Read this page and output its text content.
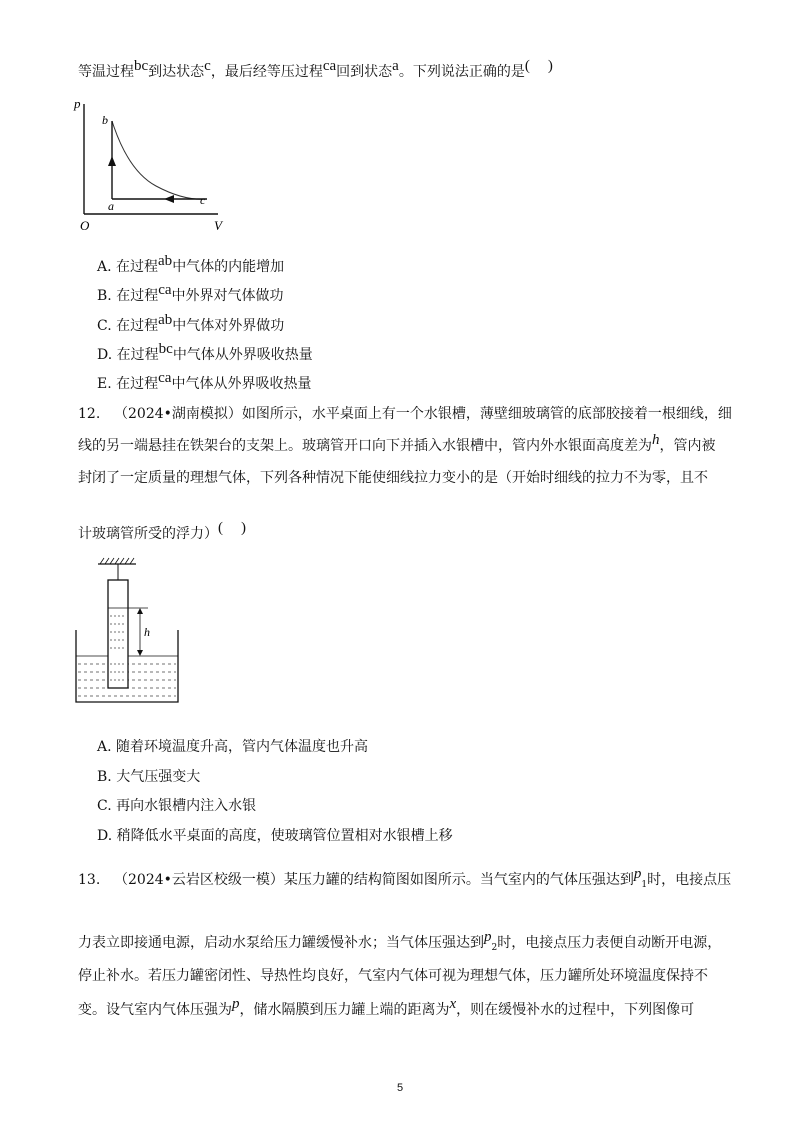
等温过程bc到达状态c，最后经等压过程ca回到状态a。下列说法正确的是( )
p
b
a	c
O	V
A. 在过程ab中气体的内能增加
B. 在过程ca中外界对气体做功
C. 在过程ab中气体对外界做功
D. 在过程bc中气体从外界吸收热量
E. 在过程ca中气体从外界吸收热量
12. （2024•湖南模拟）如图所示，水平桌面上有一个水银槽，薄壁细玻璃管的底部胶接着一根细线，细
线的另一端悬挂在铁架台的支架上。玻璃管开口向下并插入水银槽中，管内外水银面高度差为h，管内被
封闭了一定质量的理想气体，下列各种情况下能使细线拉力变小的是（开始时细线的拉力不为零，且不
计玻璃管所受的浮力）( )
h
A. 随着环境温度升高，管内气体温度也升高
B. 大气压强变大
C. 再向水银槽内注入水银
D. 稍降低水平桌面的高度，使玻璃管位置相对水银槽上移
13. （2024•云岩区校级一模）某压力罐的结构简图如图所示。当气室内的气体压强达到$p_1$时，电接点压
力表立即接通电源，启动水泵给压力罐缓慢补水；当气体压强达到$p_2$时，电接点压力表便自动断开电源，
停止补水。若压力罐密闭性、导热性均良好，气室内气体可视为理想气体，压力罐所处环境温度保持不
变。设气室内气体压强为p，储水隔膜到压力罐上端的距离为x，则在缓慢补水的过程中，下列图像可
5
